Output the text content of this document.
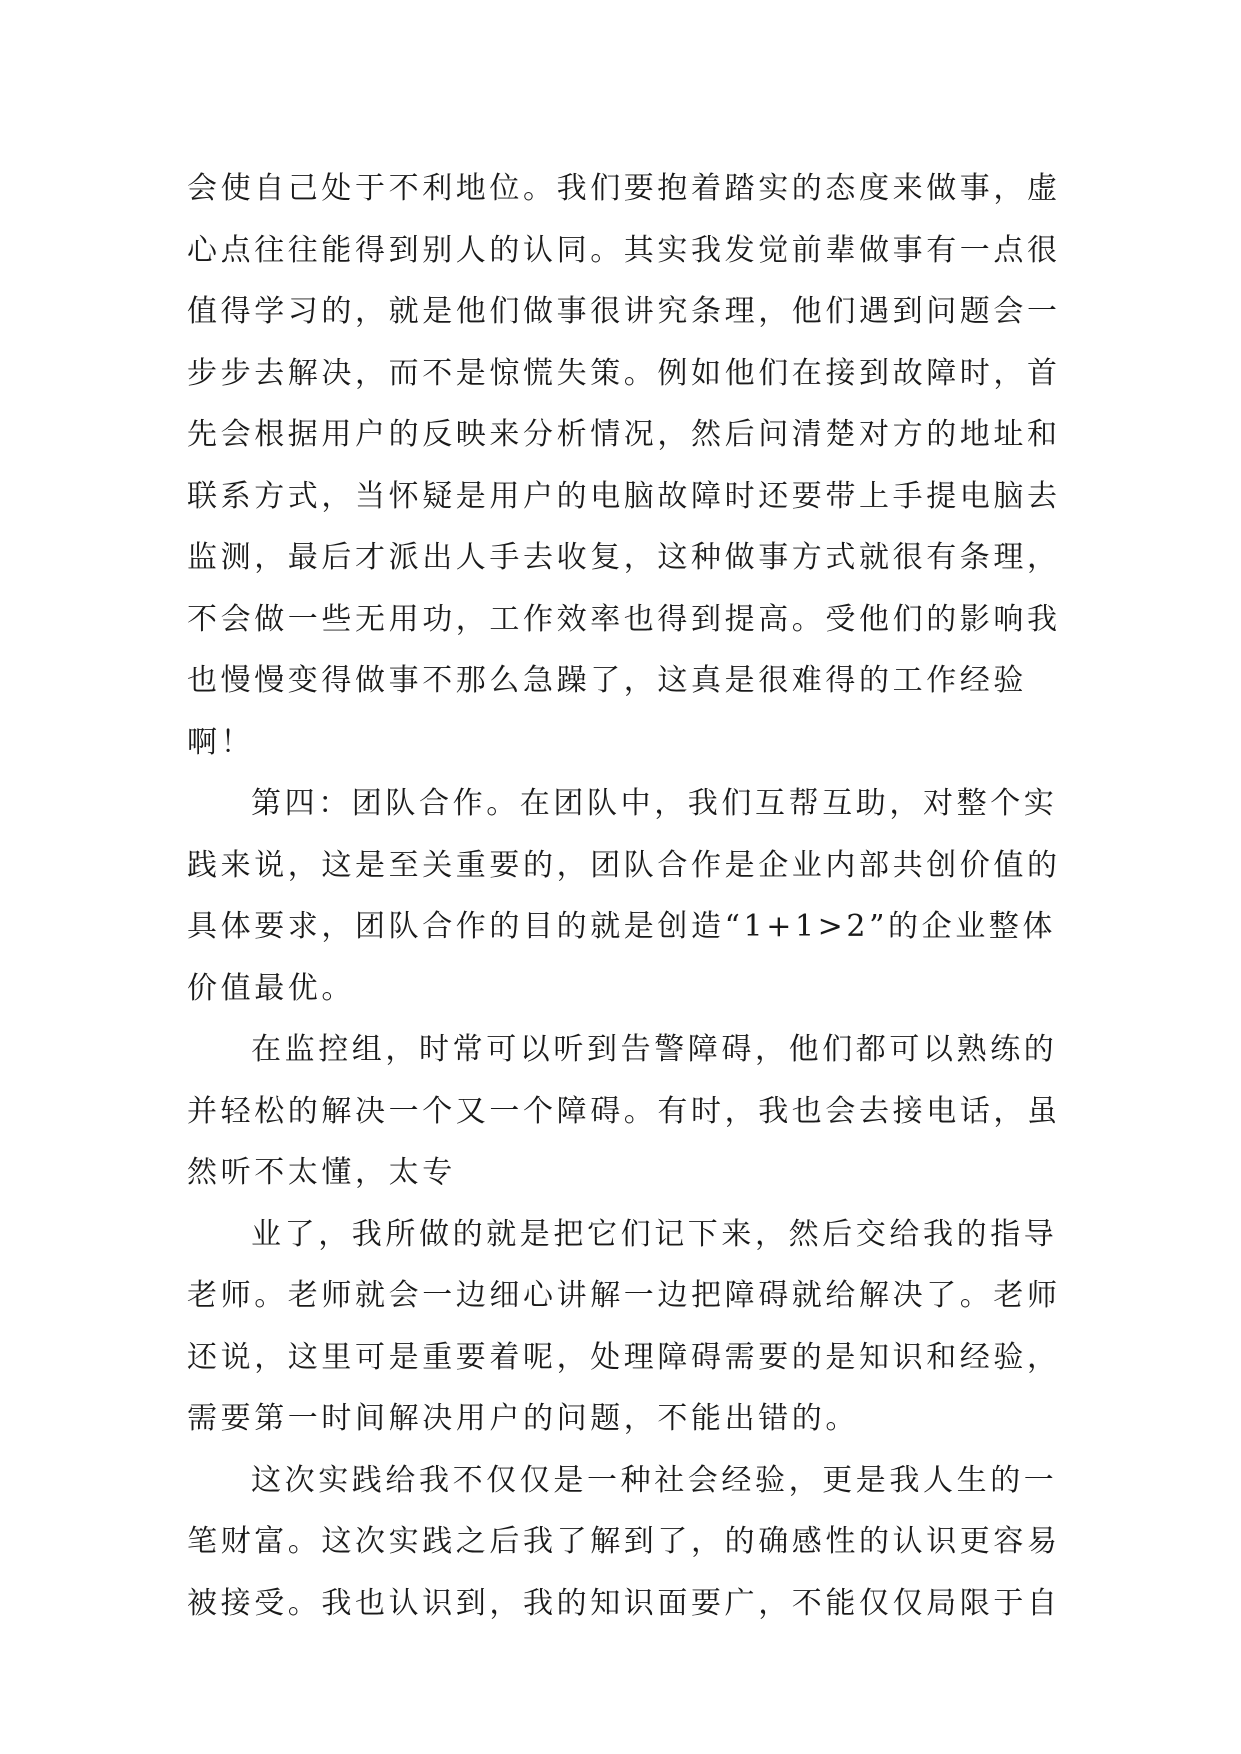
会使自己处于不利地位。我们要抱着踏实的态度来做事，虚
心点往往能得到别人的认同。其实我发觉前辈做事有一点很
值得学习的，就是他们做事很讲究条理，他们遇到问题会一
步步去解决，而不是惊慌失策。例如他们在接到故障时，首
先会根据用户的反映来分析情况，然后问清楚对方的地址和
联系方式，当怀疑是用户的电脑故障时还要带上手提电脑去
监测，最后才派出人手去收复，这种做事方式就很有条理，
不会做一些无用功，工作效率也得到提高。受他们的影响我
也慢慢变得做事不那么急躁了，这真是很难得的工作经验
啊！
第四：团队合作。在团队中，我们互帮互助，对整个实
践来说，这是至关重要的，团队合作是企业内部共创价值的
具体要求，团队合作的目的就是创造“1+1>2”的企业整体
价值最优。
在监控组，时常可以听到告警障碍，他们都可以熟练的
并轻松的解决一个又一个障碍。有时，我也会去接电话，虽
然听不太懂，太专
业了，我所做的就是把它们记下来，然后交给我的指导
老师。老师就会一边细心讲解一边把障碍就给解决了。老师
还说，这里可是重要着呢，处理障碍需要的是知识和经验，
需要第一时间解决用户的问题，不能出错的。
这次实践给我不仅仅是一种社会经验，更是我人生的一
笔财富。这次实践之后我了解到了，的确感性的认识更容易
被接受。我也认识到，我的知识面要广，不能仅仅局限于自
